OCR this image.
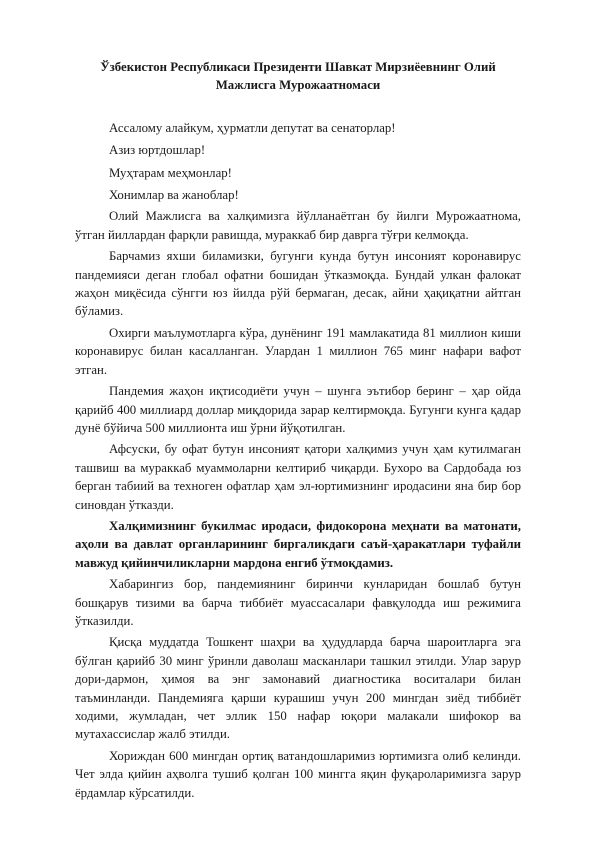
Ўзбекистон Республикаси Президенти Шавкат Мирзиёевнинг Олий Мажлисга Мурожаатномаси

Ассалому алайкум, ҳурматли депутат ва сенаторлар!

Азиз юртдошлар!

Муҳтарам меҳмонлар!

Хонимлар ва жаноблар!

Олий Мажлисга ва халқимизга йўлланаётган бу йилги Мурожаатнома, ўтган йиллардан фарқли равишда, мураккаб бир даврга тўғри келмоқда.

Барчамиз яхши биламизки, бугунги кунда бутун инсоният коронавирус пандемияси деган глобал офатни бошидан ўтказмоқда. Бундай улкан фалокат жаҳон миқёсида сўнгги юз йилда рўй бермаган, десак, айни ҳақиқатни айтган бўламиз.

Охирги маълумотларга кўра, дунёнинг 191 мамлакатида 81 миллион киши коронавирус билан касалланган. Улардан 1 миллион 765 минг нафари вафот этган.

Пандемия жаҳон иқтисодиёти учун – шунга эътибор беринг – ҳар ойда қарийб 400 миллиард доллар миқдорида зарар келтирмоқда. Бугунги кунга қадар дунё бўйича 500 миллионта иш ўрни йўқотилган.

Афсуски, бу офат бутун инсоният қатори халқимиз учун ҳам кутилмаган ташвиш ва мураккаб муаммоларни келтириб чиқарди. Бухоро ва Сардобада юз берган табиий ва техноген офатлар ҳам эл-юртимизнинг иродасини яна бир бор синовдан ўтказди.

Халқимизнинг букилмас иродаси, фидокорона меҳнати ва матонати, аҳоли ва давлат органларининг биргаликдаги саъй-ҳаракатлари туфайли мавжуд қийинчиликларни мардона енгиб ўтмоқдамиз.

Хабарингиз бор, пандемиянинг биринчи кунларидан бошлаб бутун бошқарув тизими ва барча тиббиёт муассасалари фавқулодда иш режимига ўтказилди.

Қисқа муддатда Тошкент шаҳри ва ҳудудларда барча шароитларга эга бўлган қарийб 30 минг ўринли даволаш масканлари ташкил этилди. Улар зарур дори-дармон, ҳимоя ва энг замонавий диагностика воситалари билан таъминланди. Пандемияга қарши курашиш учун 200 мингдан зиёд тиббиёт ходими, жумладан, чет эллик 150 нафар юқори малакали шифокор ва мутахассислар жалб этилди.

Хориждан 600 мингдан ортиқ ватандошларимиз юртимизга олиб келинди. Чет элда қийин аҳволга тушиб қолган 100 мингга яқин фуқароларимизга зарур ёрдамлар кўрсатилди.
